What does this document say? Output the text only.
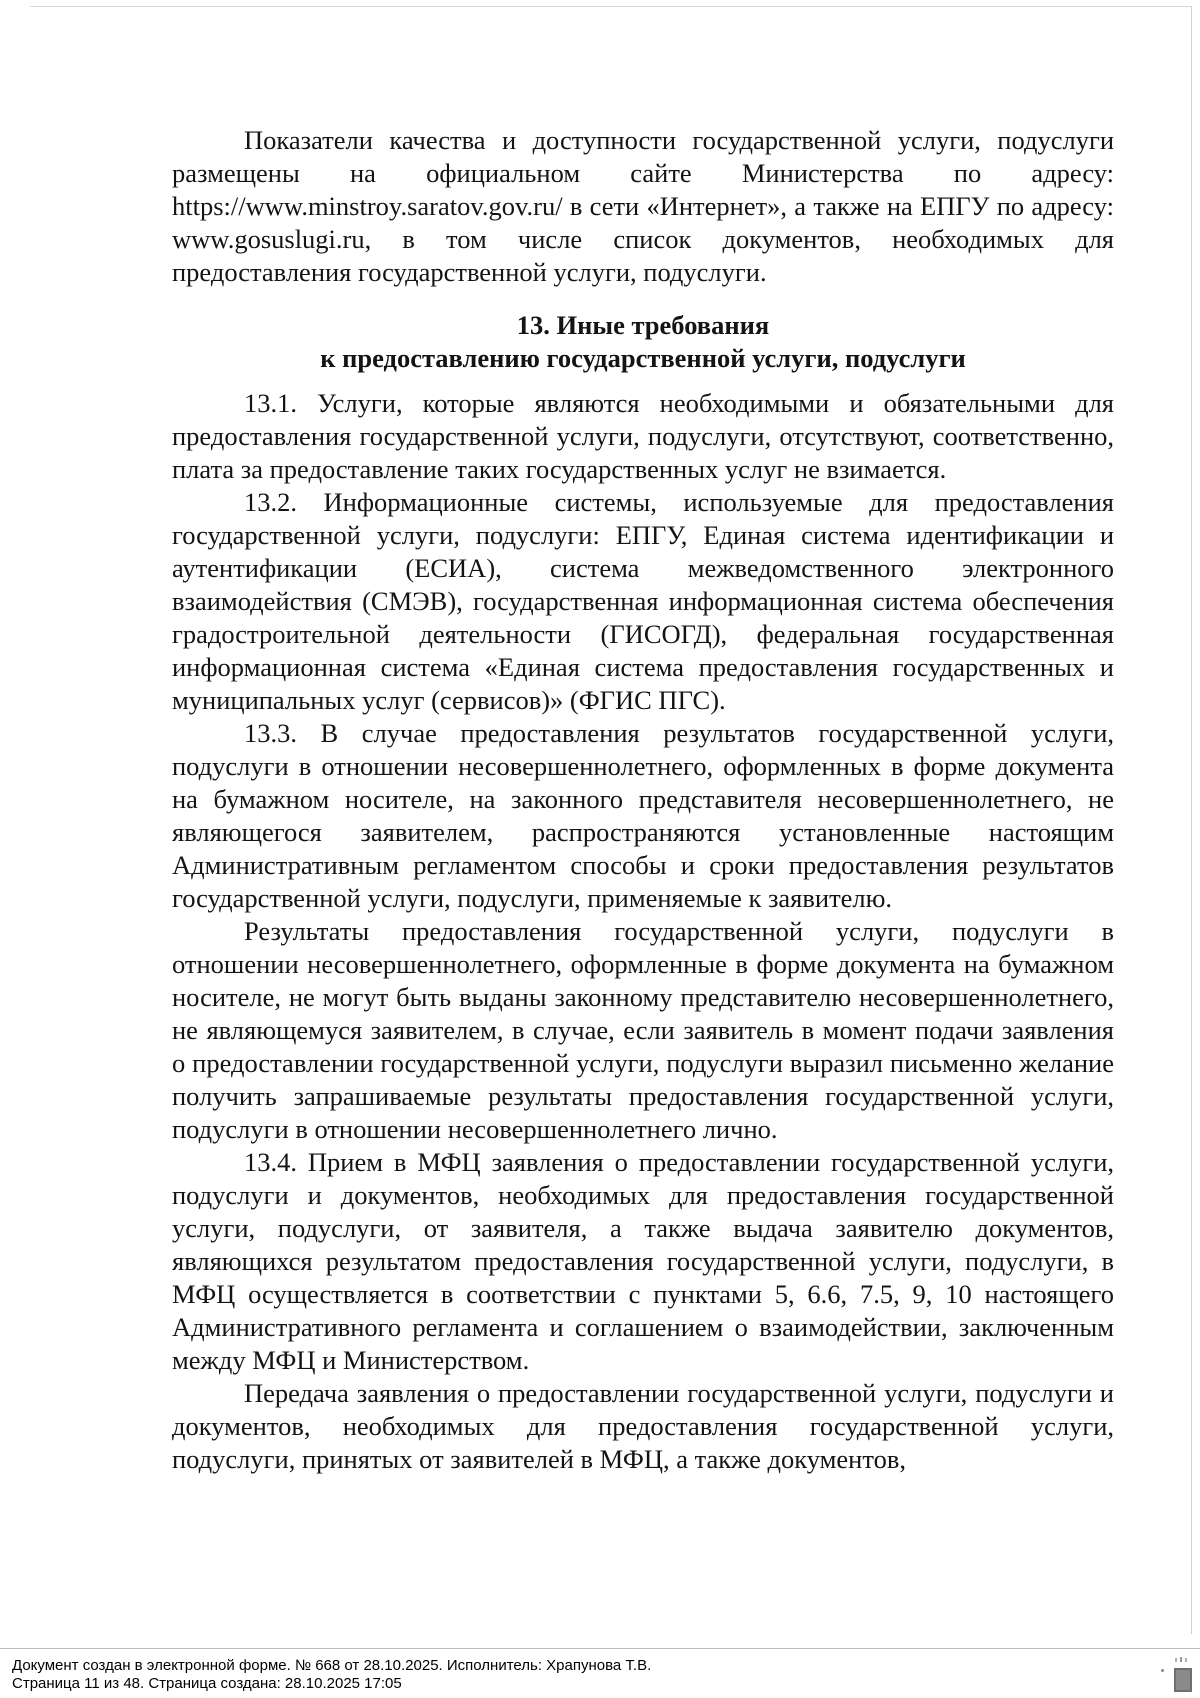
Показатели качества и доступности государственной услуги, подуслуги размещены на официальном сайте Министерства по адресу: https://www.minstroy.saratov.gov.ru/ в сети «Интернет», а также на ЕПГУ по адресу: www.gosuslugi.ru, в том числе список документов, необходимых для предоставления государственной услуги, подуслуги.

13. Иные требования
к предоставлению государственной услуги, подуслуги

13.1. Услуги, которые являются необходимыми и обязательными для предоставления государственной услуги, подуслуги, отсутствуют, соответственно, плата за предоставление таких государственных услуг не взимается.

13.2. Информационные системы, используемые для предоставления государственной услуги, подуслуги: ЕПГУ, Единая система идентификации и аутентификации (ЕСИА), система межведомственного электронного взаимодействия (СМЭВ), государственная информационная система обеспечения градостроительной деятельности (ГИСОГД), федеральная государственная информационная система «Единая система предоставления государственных и муниципальных услуг (сервисов)» (ФГИС ПГС).

13.3. В случае предоставления результатов государственной услуги, подуслуги в отношении несовершеннолетнего, оформленных в форме документа на бумажном носителе, на законного представителя несовершеннолетнего, не являющегося заявителем, распространяются установленные настоящим Административным регламентом способы и сроки предоставления результатов государственной услуги, подуслуги, применяемые к заявителю.

Результаты предоставления государственной услуги, подуслуги в отношении несовершеннолетнего, оформленные в форме документа на бумажном носителе, не могут быть выданы законному представителю несовершеннолетнего, не являющемуся заявителем, в случае, если заявитель в момент подачи заявления о предоставлении государственной услуги, подуслуги выразил письменно желание получить запрашиваемые результаты предоставления государственной услуги, подуслуги в отношении несовершеннолетнего лично.

13.4. Прием в МФЦ заявления о предоставлении государственной услуги, подуслуги и документов, необходимых для предоставления государственной услуги, подуслуги, от заявителя, а также выдача заявителю документов, являющихся результатом предоставления государственной услуги, подуслуги, в МФЦ осуществляется в соответствии с пунктами 5, 6.6, 7.5, 9, 10 настоящего Административного регламента и соглашением о взаимодействии, заключенным между МФЦ и Министерством.

Передача заявления о предоставлении государственной услуги, подуслуги и документов, необходимых для предоставления государственной услуги, подуслуги, принятых от заявителей в МФЦ, а также документов,

Документ создан в электронной форме. № 668 от 28.10.2025. Исполнитель: Храпунова Т.В.
Страница 11 из 48. Страница создана: 28.10.2025 17:05
